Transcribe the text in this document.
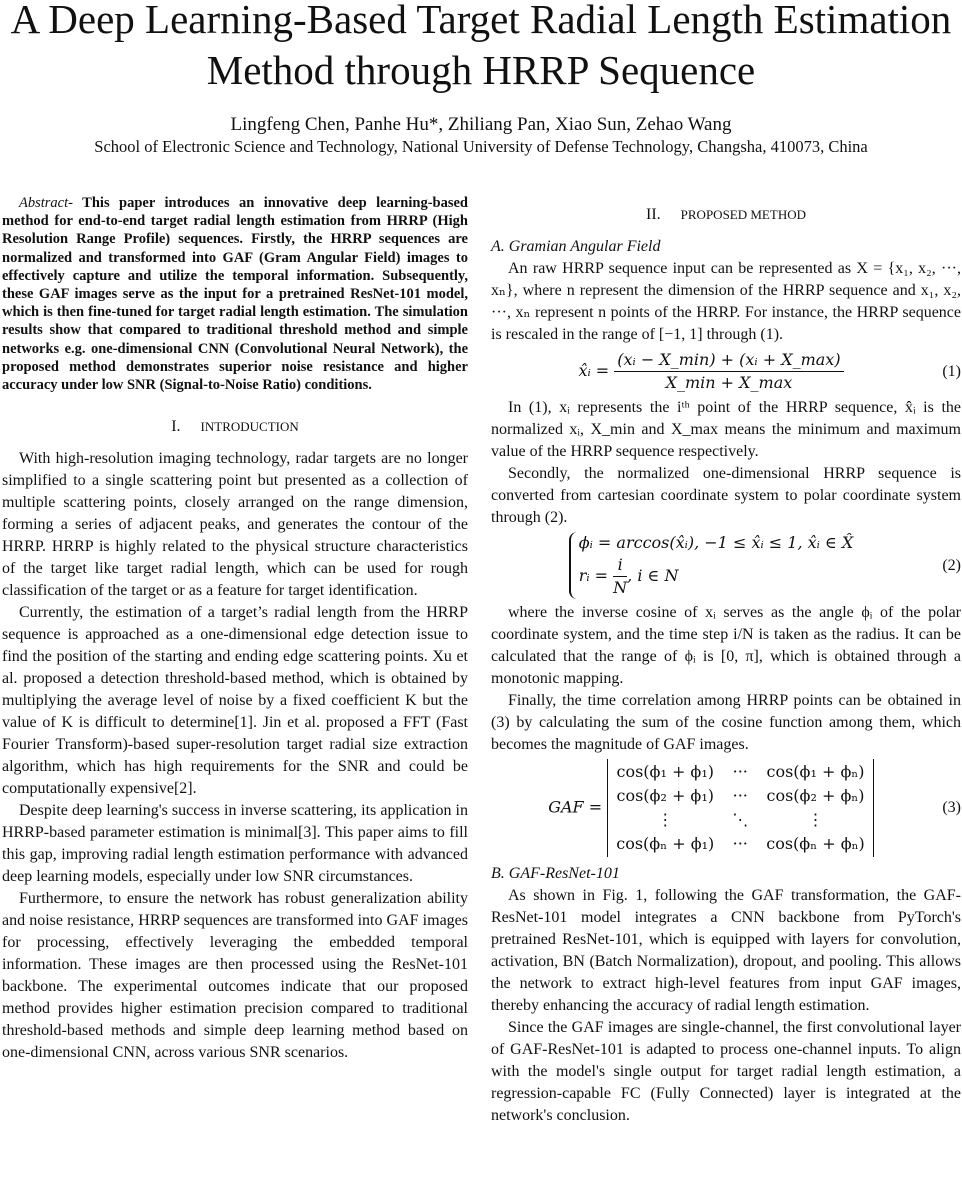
A Deep Learning-Based Target Radial Length Estimation Method through HRRP Sequence
Lingfeng Chen, Panhe Hu*, Zhiliang Pan, Xiao Sun, Zehao Wang
School of Electronic Science and Technology, National University of Defense Technology, Changsha, 410073, China

Abstract- This paper introduces an innovative deep learning-based method for end-to-end target radial length estimation from HRRP (High Resolution Range Profile) sequences. Firstly, the HRRP sequences are normalized and transformed into GAF (Gram Angular Field) images to effectively capture and utilize the temporal information. Subsequently, these GAF images serve as the input for a pretrained ResNet-101 model, which is then fine-tuned for target radial length estimation. The simulation results show that compared to traditional threshold method and simple networks e.g. one-dimensional CNN (Convolutional Neural Network), the proposed method demonstrates superior noise resistance and higher accuracy under low SNR (Signal-to-Noise Ratio) conditions.

I. INTRODUCTION

With high-resolution imaging technology, radar targets are no longer simplified to a single scattering point but presented as a collection of multiple scattering points, closely arranged on the range dimension, forming a series of adjacent peaks, and generates the contour of the HRRP. HRRP is highly related to the physical structure characteristics of the target like target radial length, which can be used for rough classification of the target or as a feature for target identification.

Currently, the estimation of a target’s radial length from the HRRP sequence is approached as a one-dimensional edge detection issue to find the position of the starting and ending edge scattering points. Xu et al. proposed a detection threshold-based method, which is obtained by multiplying the average level of noise by a fixed coefficient K but the value of K is difficult to determine[1]. Jin et al. proposed a FFT (Fast Fourier Transform)-based super-resolution target radial size extraction algorithm, which has high requirements for the SNR and could be computationally expensive[2].

Despite deep learning's success in inverse scattering, its application in HRRP-based parameter estimation is minimal[3]. This paper aims to fill this gap, improving radial length estimation performance with advanced deep learning models, especially under low SNR circumstances.

Furthermore, to ensure the network has robust generalization ability and noise resistance, HRRP sequences are transformed into GAF images for processing, effectively leveraging the embedded temporal information. These images are then processed using the ResNet-101 backbone. The experimental outcomes indicate that our proposed method provides higher estimation precision compared to traditional threshold-based methods and simple deep learning method based on one-dimensional CNN, across various SNR scenarios.

II. PROPOSED METHOD

A. Gramian Angular Field

An raw HRRP sequence input can be represented as X = {x₁, x₂, ···, xₙ}, where n represent the dimension of the HRRP sequence and x₁, x₂, ···, xₙ represent n points of the HRRP. For instance, the HRRP sequence is rescaled in the range of [−1, 1] through (1).

x̂ᵢ = $\frac{\text{(xᵢ − X\_min) + (xᵢ + X\_max)}}{X\_\min + X\_\max}$	(1)

In (1), xᵢ represents the iᵗʰ point of the HRRP sequence, x̂ᵢ is the normalized xᵢ, X_min and X_max means the minimum and maximum value of the HRRP sequence respectively.

Secondly, the normalized one-dimensional HRRP sequence is converted from cartesian coordinate system to polar coordinate system through (2).

ϕᵢ = arccos(x̂ᵢ), −1 ≤ x̂ᵢ ≤ 1, x̂ᵢ ∈ X̂
rᵢ = $\frac{i}{N}$ , i ∈ N
(2)

where the inverse cosine of xᵢ serves as the angle ϕᵢ of the polar coordinate system, and the time step i/N is taken as the radius. It can be calculated that the range of ϕᵢ is [0, π], which is obtained through a monotonic mapping.

Finally, the time correlation among HRRP points can be obtained in (3) by calculating the sum of the cosine function among them, which becomes the magnitude of GAF images.

GAF =
cos(ϕ₁ + ϕ₁) ··· cos(ϕ₁ + ϕₙ)
cos(ϕ₂ + ϕ₁) ··· cos(ϕ₂ + ϕₙ)
⋮	⋱	⋮
cos(ϕₙ + ϕ₁) ··· cos(ϕₙ + ϕₙ)
(3)

B. GAF-ResNet-101

As shown in Fig. 1, following the GAF transformation, the GAF-ResNet-101 model integrates a CNN backbone from PyTorch's pretrained ResNet-101, which is equipped with layers for convolution, activation, BN (Batch Normalization), dropout, and pooling. This allows the network to extract high-level features from input GAF images, thereby enhancing the accuracy of radial length estimation.

Since the GAF images are single-channel, the first convolutional layer of GAF-ResNet-101 is adapted to process one-channel inputs. To align with the model's single output for target radial length estimation, a regression-capable FC (Fully Connected) layer is integrated at the network's conclusion.
